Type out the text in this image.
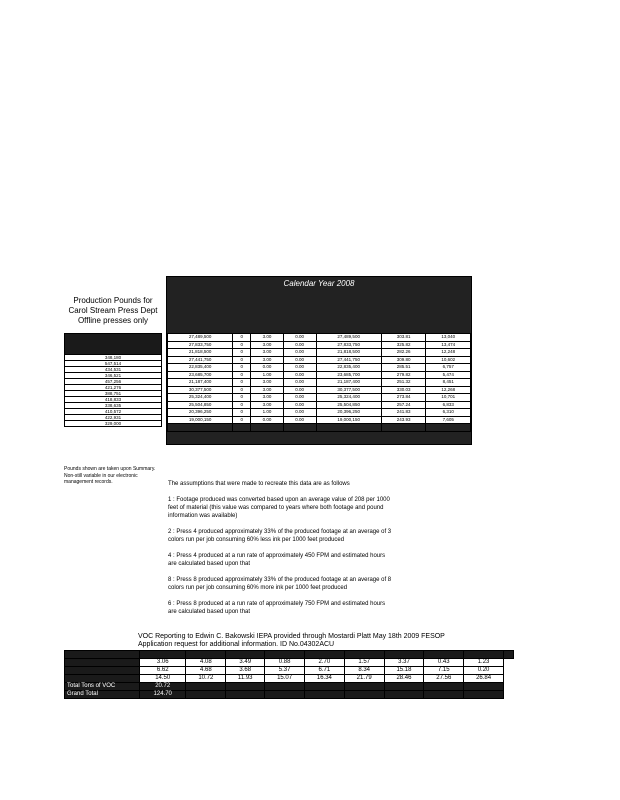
Production Pounds for Carol Stream Press Dept Offline presses only

348,180
547,514
434,531
346,521
457,256
421,276
388,751
418,833
338,635
410,572
422,931
329,000
Pounds shown are taken upon Summary. Non-still variable in our electronic management records.
Calendar Year 2008
27,489,500	0	3.00	0.00	27,489,500	303.81	13,040
27,833,750	0	3.00	0.00	27,833,750	325.82	13,474
21,818,500	0	3.00	0.00	21,818,500	282.26	12,248
27,441,750	0	3.00	0.00	27,441,750	309.80	10,602
22,835,400	0	0.00	0.00	22,835,400	285.51	6,757
23,685,700	0	1.00	0.00	23,685,700	279.82	5,474
21,187,400	0	3.00	0.00	21,187,400	251.32	8,451
30,377,500	0	3.00	0.00	30,377,500	330.03	12,268
25,324,400	0	3.00	0.00	25,324,400	273.84	10,701
25,504,850	0	3.00	0.00	25,504,850	257.24	6,833
20,396,250	0	1.00	0.00	20,396,250	241.83	6,310
19,000,150	0	0.00	0.00	19,000,150	243.93	7,605

The assumptions that were made to recreate this data are as follows

1 : Footage produced was converted based upon an average value of 208 per 1000 feet of material (this value was compared to years where both footage and pound information was available)

2 : Press 4 produced approximately 33% of the produced footage at an average of 3 colors run per job consuming 60% less ink per 1000 feet produced

4 : Press 4 produced at a run rate of approximately 450 FPM and estimated hours are calculated based upon that

8 : Press 8 produced approximately 33% of the produced footage at an average of 8 colors run per job consuming 60% more ink per 1000 feet produced

6 : Press 8 produced at a run rate of approximately 750 FPM and estimated hours are calculated based upon that

VOC Reporting to Edwin C. Bakowski IEPA provided through Mostardi Platt May 18th 2009 FESOP Application request for additional information. ID No.04302ACU

	3.06	4.08	3.49	0.88	2.70	1.57	3.37	0.43	1.23	
	6.62	4.68	3.68	5.37	6.71	8.34	15.18	7.15	0.20	
	14.50	10.72	11.93	15.07	16.34	21.79	28.46	27.56	26.84	
Total Tons of VOC	20.72									
Grand Total	124.70									
